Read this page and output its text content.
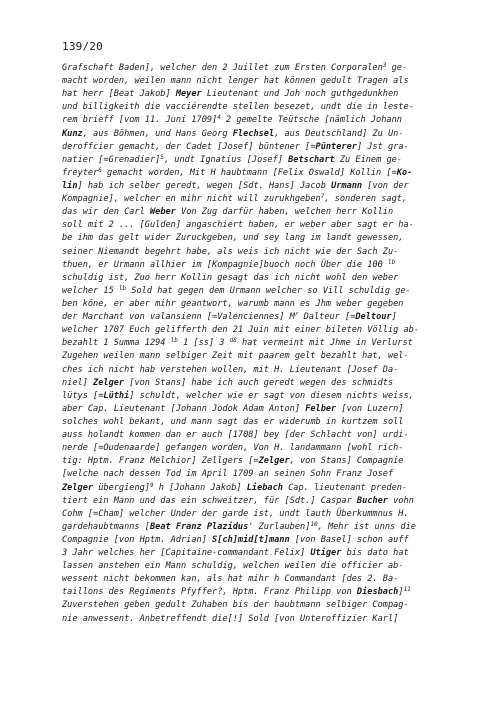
139/20
Grafschaft Baden], welcher den 2 Juillet zum Ersten Corporalen$^3$ ge-
macht worden, weilen mann nicht lenger hat können gedult Tragen als
hat herr [Beat Jakob] Meyer Lieutenant und Joh noch guthgedunkhen
und billigkeith die vacciérendte stellen besezet, undt die in leste-
rem brieff [vom 11. Juni 1709]$^4$ 2 gemelte Teütsche [nämlich Johann
Kunz, aus Böhmen, und Hans Georg Flechsel, aus Deutschland] Zu Un-
deroffcier gemacht, der Cadet [Josef] büntener [=Pünterer] Jst gra-
natier [=Grenadier]$^5$, undt Ignatius [Josef] Betschart Zu Einem ge-
freyter$^6$ gemacht worden, Mit H haubtmann [Felix Oswald] Kollin [=Ko-
lin] hab ich selber geredt, wegen [Sdt. Hans] Jacob Urmann [von der
Kompagnie], welcher en mihr nicht will zurukhgeben$^7$, sonderen sagt,
das wir den Carl Weber Von Zug darfür haben, welchen herr Kollin
soll mit 2 ... [Gulden] angaschiert haben, er weber aber sagt er ha-
be ihm das gelt wider Zuruckgeben, und sey lang im landt gewessen,
seiner Niemandt begehrt habe, als weis ich nicht wie der Sach Zu-
thuen, er Urmann allhier im [Kompagnie]buoch noch Über die 100 $^{lb}$
schuldig ist, Zuo herr Kollin gesagt das ich nicht wohl den weber
welcher 15 $^{lb}$ Sold hat gegen dem Urmann welcher so Vill schuldig ge-
ben köne, er aber mihr geantwort, warumb mann es Jhm weber gegeben
der Marchant von valansienn [=Valenciennes] $M^r$ Dalteur [=Deltour]
welcher 1707 Euch gelifferth den 21 Juin mit einer bileten Völlig ab-
bezahlt 1 Summa 1294 $^{lb}$ 1 [ss] 3 $^{d8}$ hat vermeint mit Jhme in Verlurst
Zugehen weilen mann selbiger Zeit mit paarem gelt bezahlt hat, wel-
ches ich nicht hab verstehen wollen, mit H. Lieutenant [Josef Da-
niel] Zelger [von Stans] habe ich auch geredt wegen des schmidts
lütys [=Lüthi] schuldt, welcher wie er sagt von diesem nichts weiss,
aber Cap. Lieutenant [Johann Jodok Adam Anton] Felber [von Luzern]
solches wohl bekant, und mann sagt das er widerumb in kurtzem soll
auss holandt kommen dan er auch [1708] bey [der Schlacht von] urdi-
nerde [=Oudenaarde] gefangen worden, Von H. landammann [wohl rich-
tig: Hptm. Franz Melchior] Zellgers [=Zelger, von Stans] Compagnie
[welche nach dessen Tod im April 1709 an seinen Sohn Franz Josef
Zelger übergieng]$^9$ h [Johann Jakob] Liebach Cap. lieutenant preden-
tiert ein Mann und das ein schweitzer, für [Sdt.] Caspar Bucher vohn
Cohm [=Cham] welcher Under der garde ist, undt lauth Überkummnus H.
gardehaubtmanns [Beat Franz Plazidus' Zurlauben]$^{10}$, Mehr ist unns die
Compagnie [von Hptm. Adrian] S[ch]mid[t]mann [von Basel] schon auff
3 Jahr welches her [Capitaine-commandant Felix] Utiger bis dato hat
lassen anstehen ein Mann schuldig, welchen weilen die officier ab-
wessent nicht bekommen kan, als hat mihr h Commandant [des 2. Ba-
taillons des Regiments Pfyffer?, Hptm. Franz Philipp von Diesbach]$^{11}$
Zuverstehen geben gedult Zuhaben bis der haubtmann selbiger Compag-
nie anwessent. Anbetreffendt die[!] Sold [von Unteroffizier Karl]
